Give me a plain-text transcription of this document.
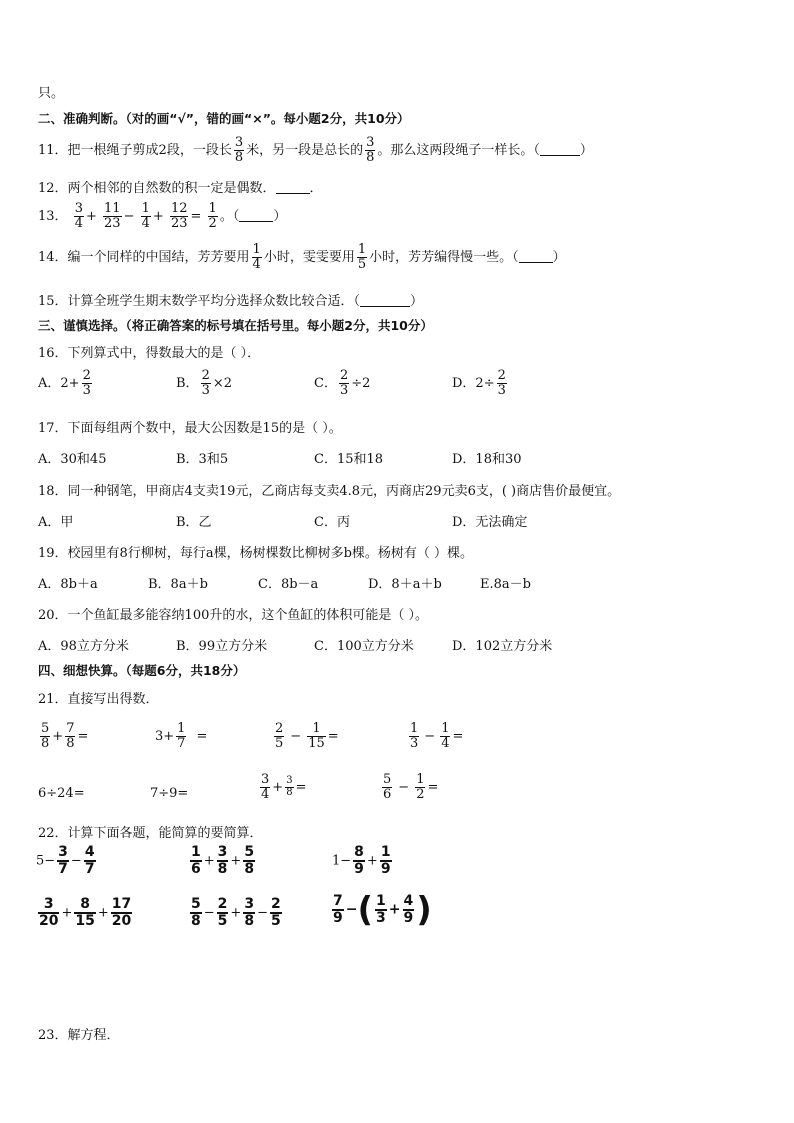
只。
二、准确判断。（对的画“√”，错的画“×”。每小题2分，共10分）
11．把一根绳子剪成2段，一段长 $\frac{3}{8}$ 米，另一段是总长的 $\frac{3}{8}$ 。那么这两段绳子一样长。（	）
12．两个相邻的自然数的积一定是偶数．	．
13． $\frac{3}{4} + \frac{11}{23} - \frac{1}{4} + \frac{12}{23} = \frac{1}{2}$ 。（	）
14．编一个同样的中国结，芳芳要用 $\frac{1}{4}$ 小时，雯雯要用 $\frac{1}{5}$ 小时，芳芳编得慢一些。（	）
15．计算全班学生期末数学平均分选择众数比较合适．（	）
三、谨慎选择。（将正确答案的标号填在括号里。每小题2分，共10分）
16．下列算式中，得数最大的是（ ）．
A．$2+ \frac{2}{3}$	B． $\frac{2}{3} \times 2$	C． $\frac{2}{3} \div 2$	D．$2\div \frac{2}{3}$
17．下面每组两个数中，最大公因数是15的是（ ）。
A．30和45	B．3和5	C．15和18	D．18和30
18．同一种钢笔，甲商店4支卖19元，乙商店每支卖4.8元，丙商店29元卖6支，( )商店售价最便宜。
A．甲	B．乙	C．丙	D．无法确定
19．校园里有8行柳树，每行a棵，杨树棵数比柳树多b棵。杨树有（ ）棵。
A．8b＋a	B．8a＋b	C．8b－a	D．8＋a＋b	E.8a－b
20．一个鱼缸最多能容纳100升的水，这个鱼缸的体积可能是（ ）。
A．98立方分米	B．99立方分米	C．100立方分米	D．102立方分米
四、细想快算。（每题6分，共18分）
21．直接写出得数．
$\frac{5}{8} + \frac{7}{8}$ =	$3+ \frac{1}{7}$ =	$\frac{2}{5} - \frac{1}{15}$ =	$\frac{1}{3} - \frac{1}{4}$ =
6÷24=	7÷9=	$\frac{3}{4} + \frac{3}{8}$ =	$\frac{5}{6} - \frac{1}{2}$ =
22．计算下面各题，能简算的要简算．
$5- \frac{3}{7} - \frac{4}{7}$	$\frac{1}{6} + \frac{3}{8} + \frac{5}{8}$	$1- \frac{8}{9} + \frac{1}{9}$
$\frac{3}{20} + \frac{8}{15} + \frac{17}{20}$	$\frac{5}{8} - \frac{2}{5} + \frac{3}{8} - \frac{2}{5}$	$\frac{7}{9}$ −( $\frac{1}{3} + \frac{4}{9}$ )
23．解方程．
